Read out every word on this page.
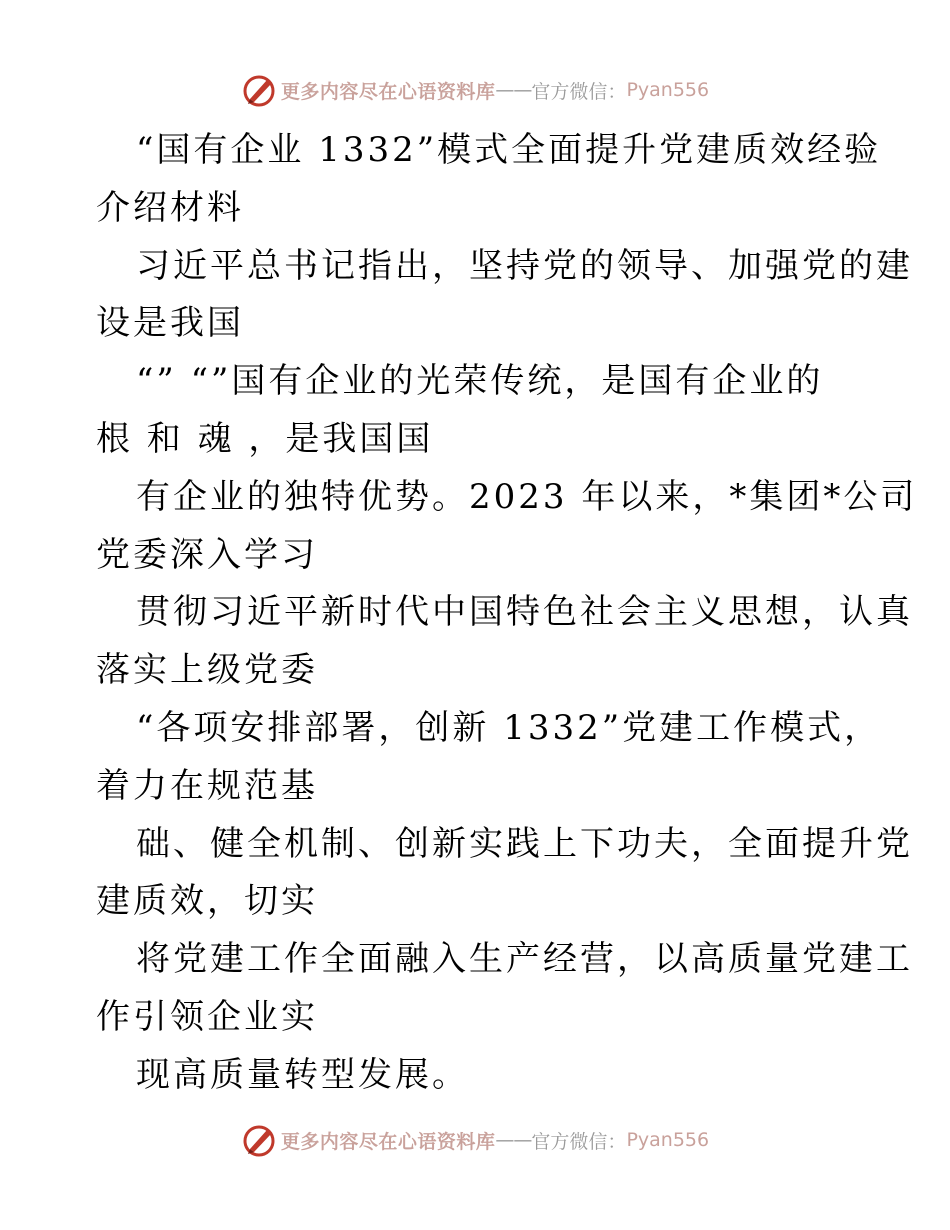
更多内容尽在心语资料库 —— 官方微信： Pyan556
“国有企业 1332”模式全面提升党建质效经验
介绍材料
习近平总书记指出，坚持党的领导、加强党的建
设是我国
“” “”国有企业的光荣传统，是国有企业的
根 和 魂 ，是我国国
有企业的独特优势。2023 年以来，*集团*公司
党委深入学习
贯彻习近平新时代中国特色社会主义思想，认真
落实上级党委
“各项安排部署，创新 1332”党建工作模式，
着力在规范基
础、健全机制、创新实践上下功夫，全面提升党
建质效，切实
将党建工作全面融入生产经营，以高质量党建工
作引领企业实
现高质量转型发展。
更多内容尽在心语资料库 —— 官方微信： Pyan556
